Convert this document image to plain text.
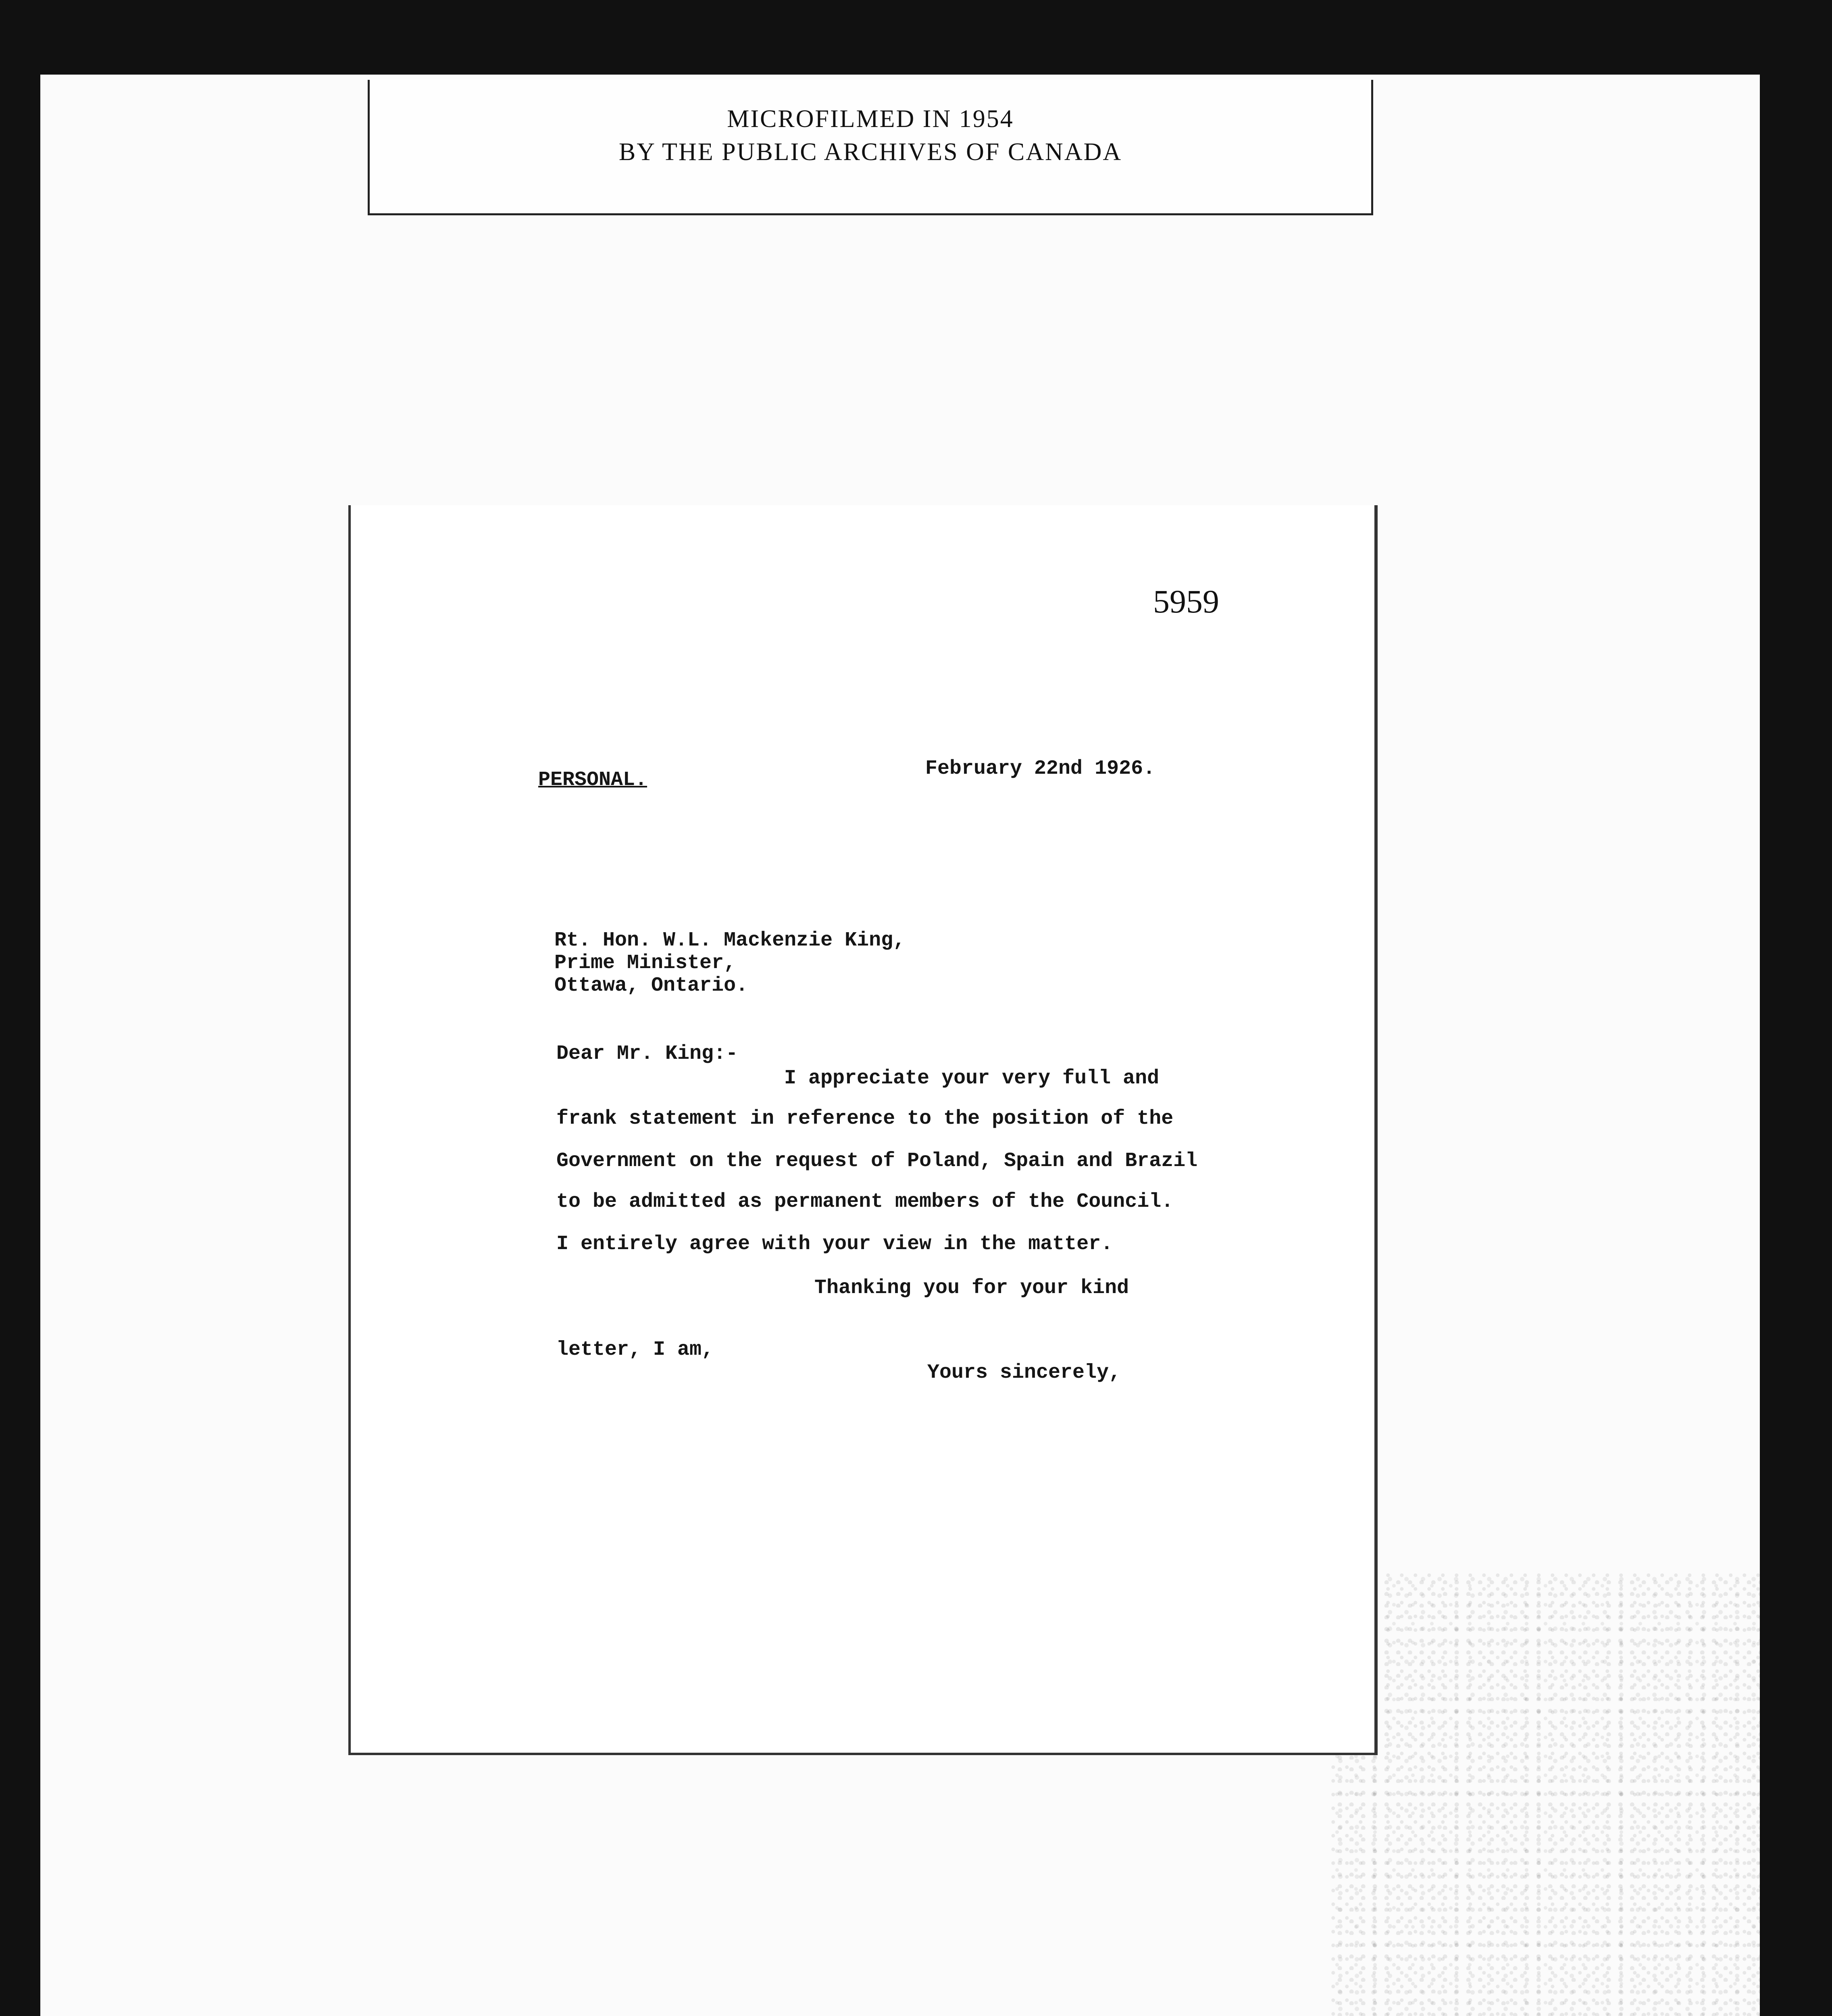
MICROFILMED IN 1954
BY THE PUBLIC ARCHIVES OF CANADA
5959
PERSONAL.	February 22nd 1926.
Rt. Hon. W.L. Mackenzie King,
Prime Minister,
Ottawa, Ontario.
Dear Mr. King:-
I appreciate your very full and
frank statement in reference to the position of the
Government on the request of Poland, Spain and Brazil
to be admitted as permanent members of the Council.
I entirely agree with your view in the matter.
Thanking you for your kind
letter, I am,
Yours sincerely,
